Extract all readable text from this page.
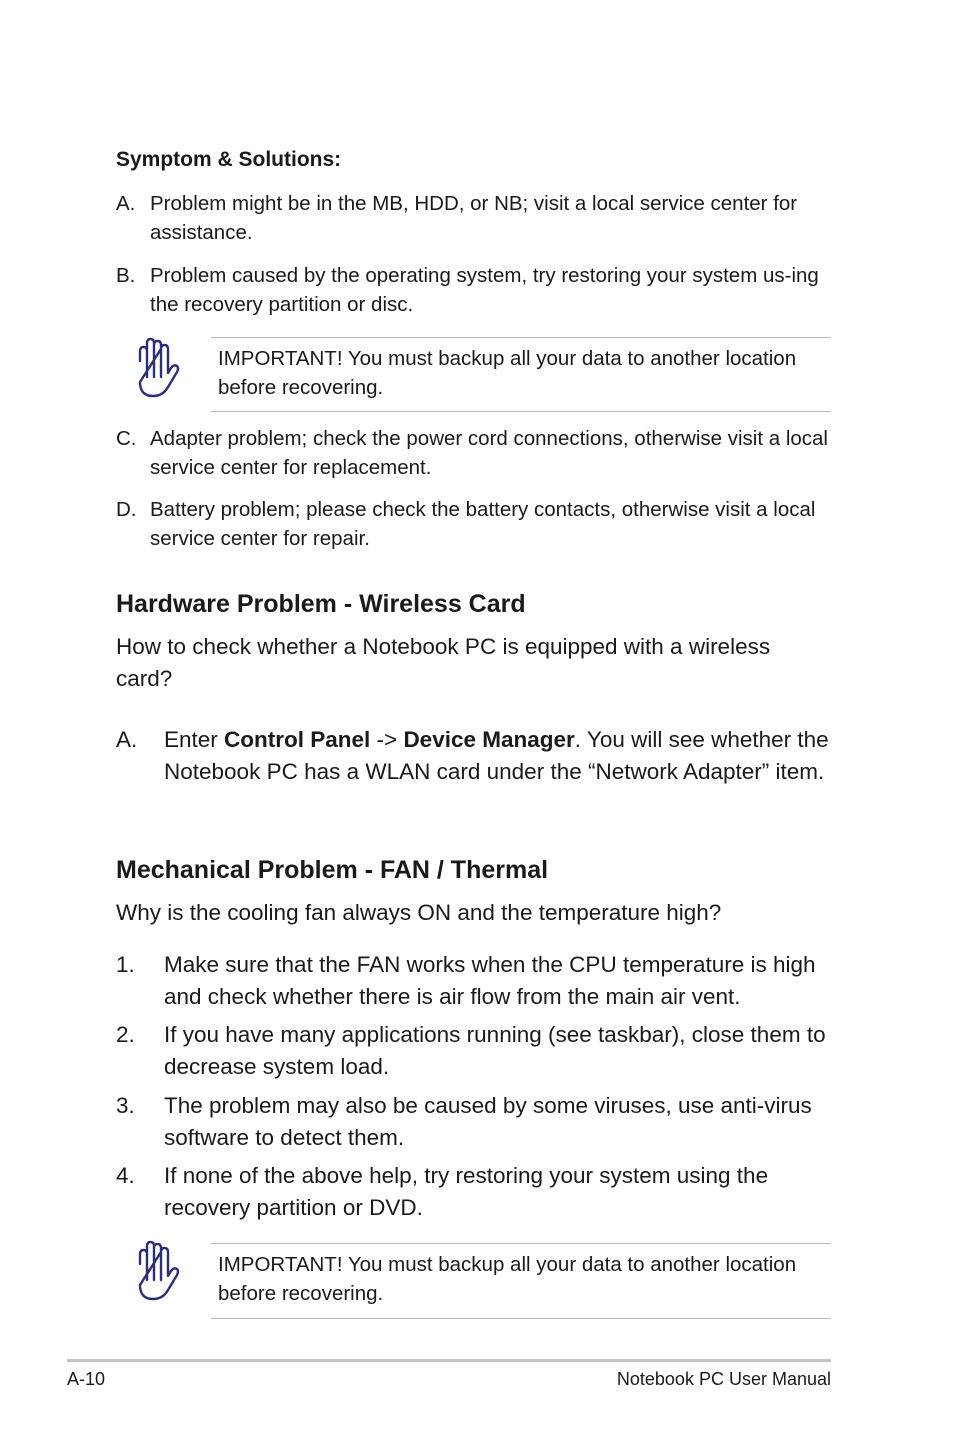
Symptom & Solutions:
A. Problem might be in the MB, HDD, or NB; visit a local service center for assistance.
B. Problem caused by the operating system, try restoring your system us-ing the recovery partition or disc.
IMPORTANT! You must backup all your data to another location before recovering.
C. Adapter problem; check the power cord connections, otherwise visit a local service center for replacement.
D. Battery problem; please check the battery contacts, otherwise visit a local service center for repair.
Hardware Problem - Wireless Card
How to check whether a Notebook PC is equipped with a wireless card?
A. Enter Control Panel -> Device Manager. You will see whether the Notebook PC has a WLAN card under the “Network Adapter” item.
Mechanical Problem - FAN / Thermal
Why is the cooling fan always ON and the temperature high?
1. Make sure that the FAN works when the CPU temperature is high and check whether there is air flow from the main air vent.
2. If you have many applications running (see taskbar), close them to decrease system load.
3. The problem may also be caused by some viruses, use anti-virus software to detect them.
4. If none of the above help, try restoring your system using the recovery partition or DVD.
IMPORTANT! You must backup all your data to another location before recovering.
A-10	Notebook PC User Manual
